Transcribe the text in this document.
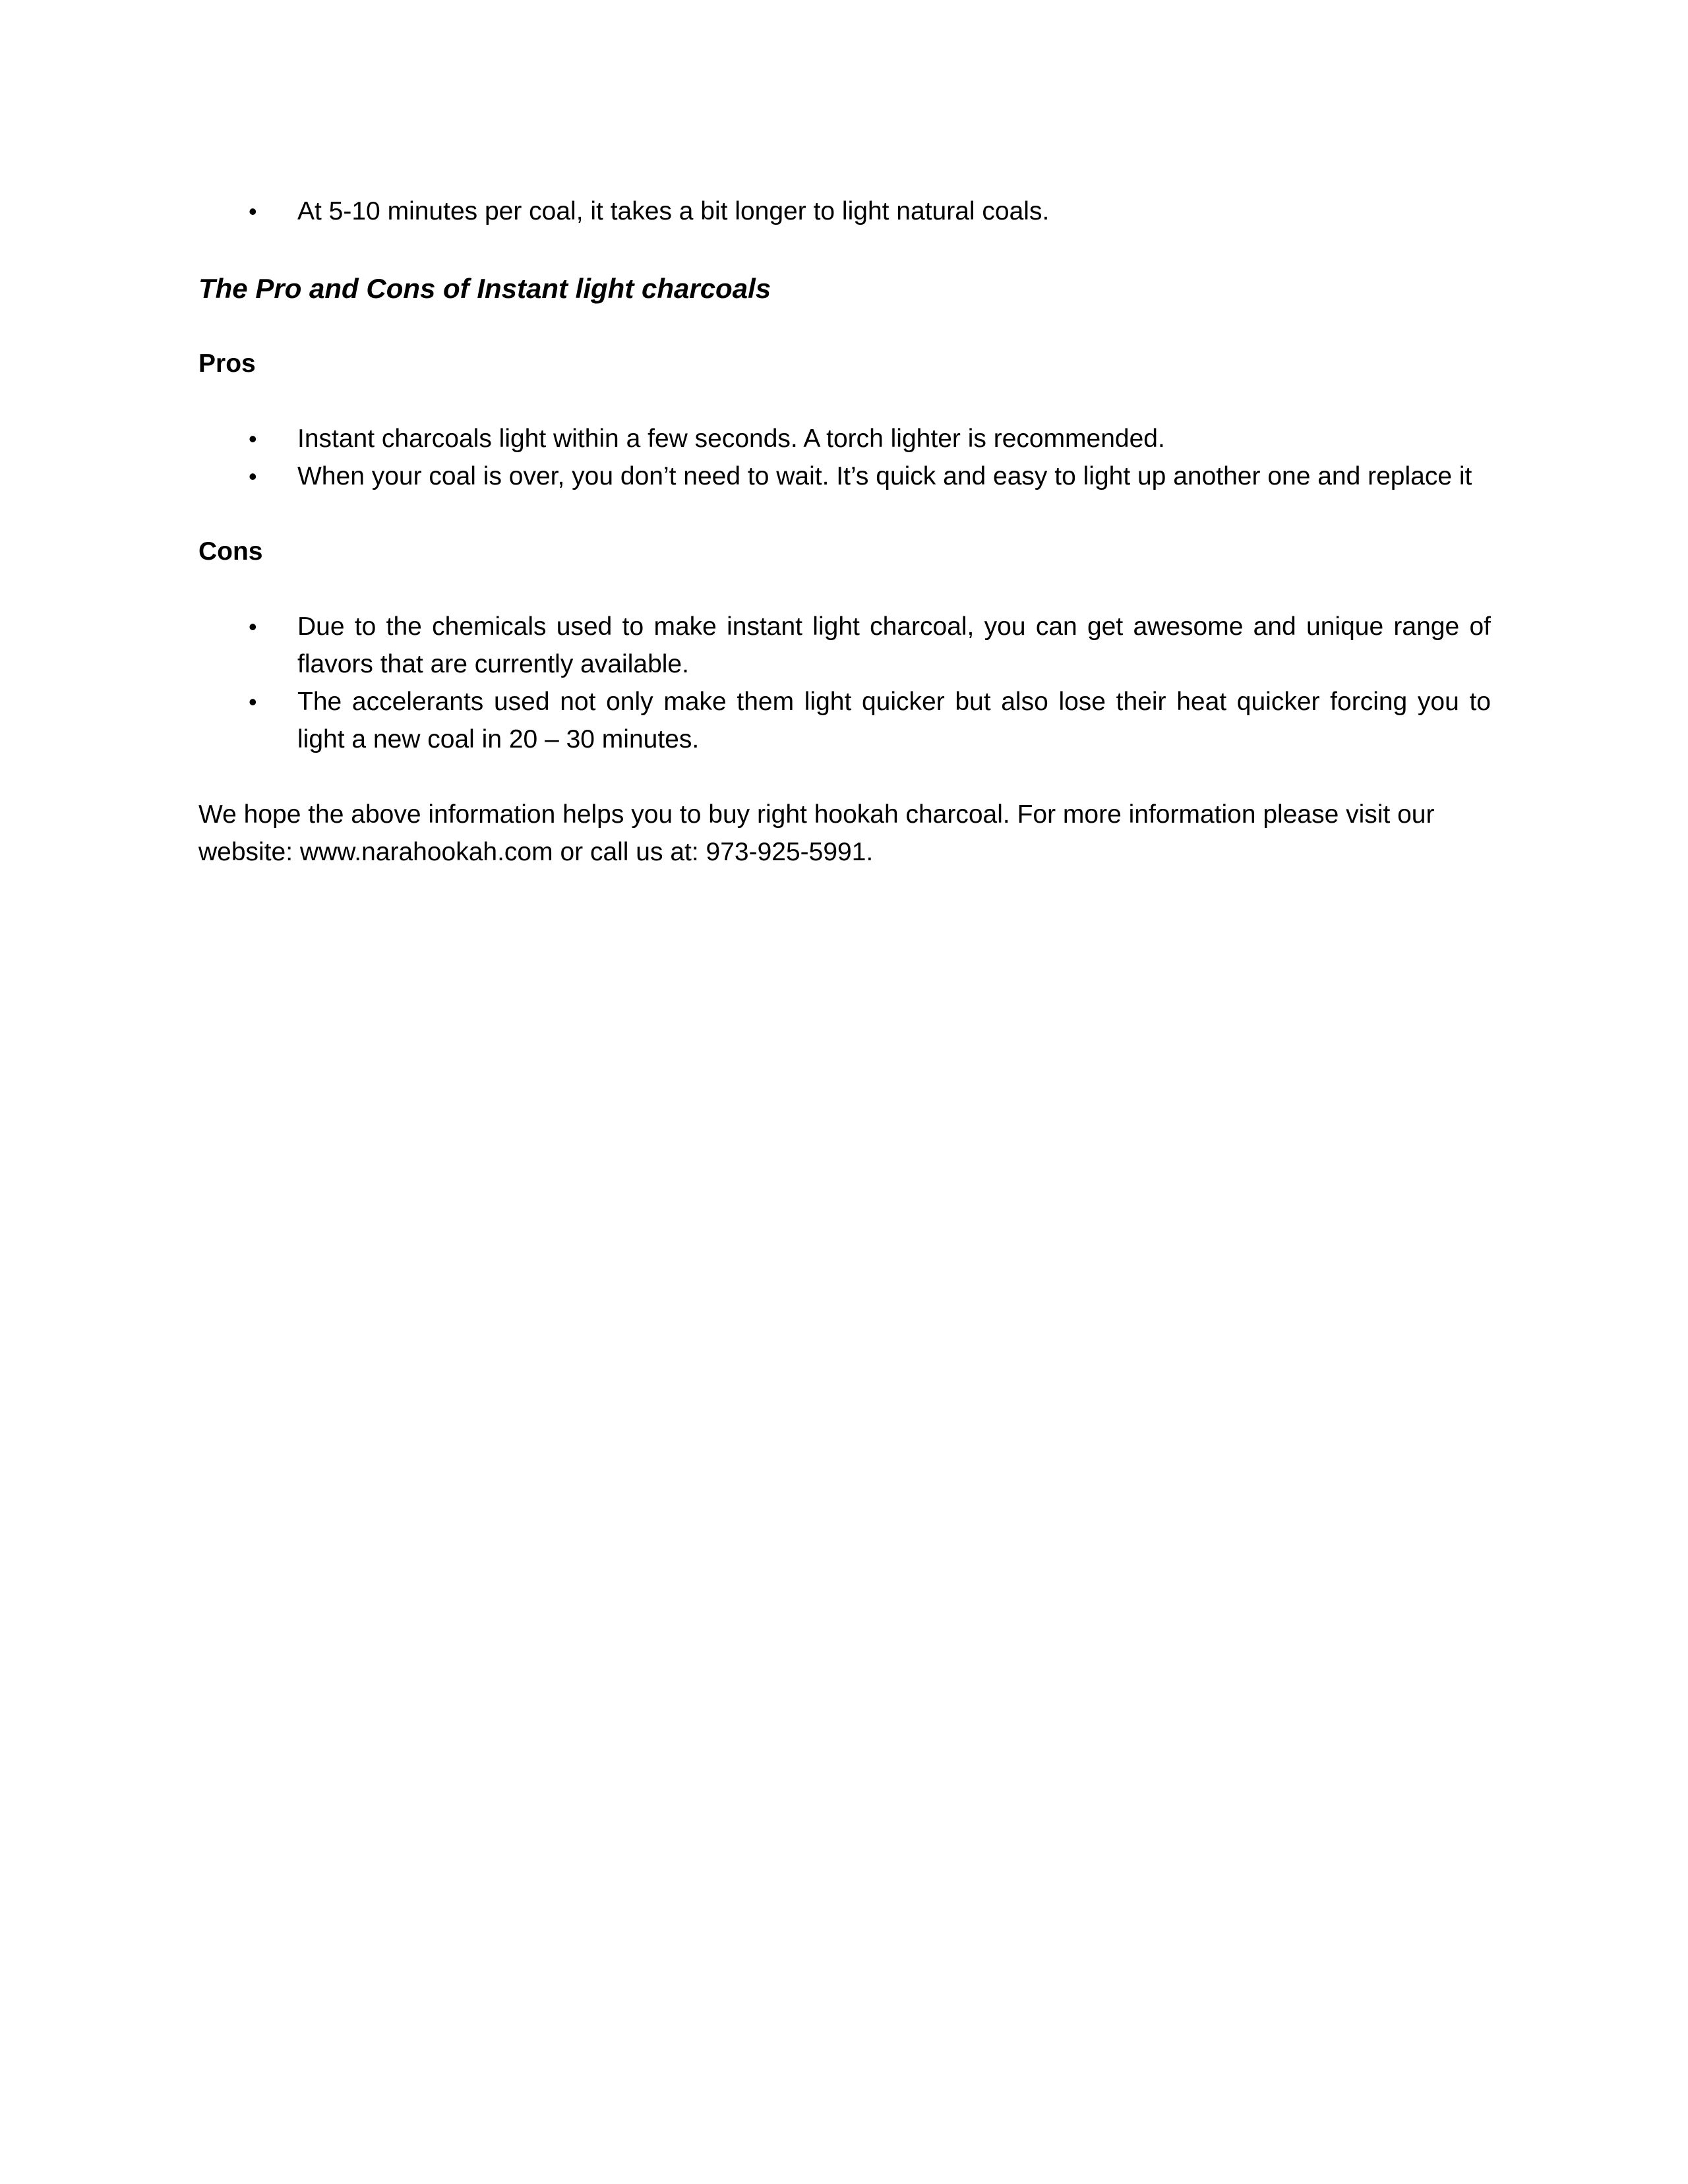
• At 5-10 minutes per coal, it takes a bit longer to light natural coals.
The Pro and Cons of Instant light charcoals
Pros
• Instant charcoals light within a few seconds. A torch lighter is recommended.
• When your coal is over, you don’t need to wait. It’s quick and easy to light up another one and replace it
Cons
• Due to the chemicals used to make instant light charcoal, you can get awesome and unique range of flavors that are currently available.
• The accelerants used not only make them light quicker but also lose their heat quicker forcing you to light a new coal in 20 – 30 minutes.

We hope the above information helps you to buy right hookah charcoal. For more information please visit our website: www.narahookah.com or call us at: 973-925-5991.
